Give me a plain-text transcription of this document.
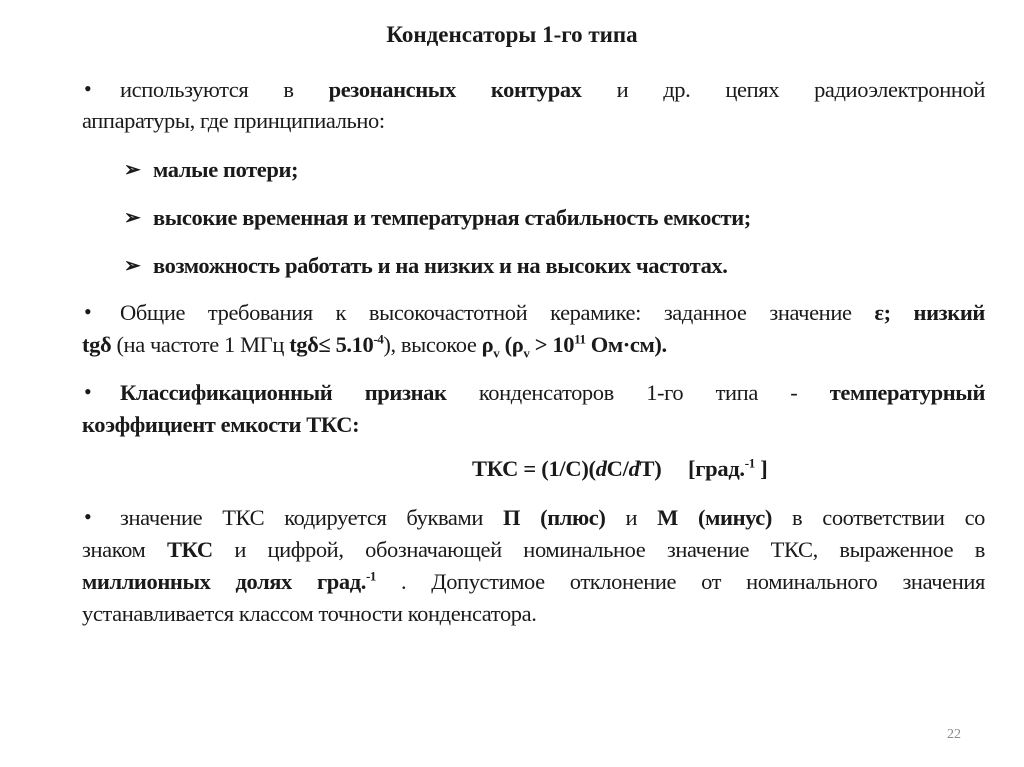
Конденсаторы 1-го типа
• используются в резонансных контурах и др. цепях радиоэлектронной
аппаратуры, где принципиально:
• Общие требования к высокочастотной керамике: заданное значение ε; низкий
tgδ (на частоте 1 МГц $tg\delta\le 5.10^{-4}$), высокое $\rho_v$ ($\rho_v > 10^{11}$ Ом·см).
• Классификационный признак конденсаторов 1-го типа - температурный
коэффициент емкости ТКС:
• значение ТКС кодируется буквами П (плюс) и М (минус) в соответствии со
знаком ТКС и цифрой, обозначающей номинальное значение ТКС, выраженное в
миллионных долях град.$^{-1}$ . Допустимое отклонение от номинального значения
устанавливается классом точности конденсатора.
➢ малые потери;
➢ высокие временная и температурная стабильность емкости;
➢ возможность работать и на низких и на высоких частотах.
ТКС = (1/С)(dС/dТ)     [град.$^{-1}$ ]
22
